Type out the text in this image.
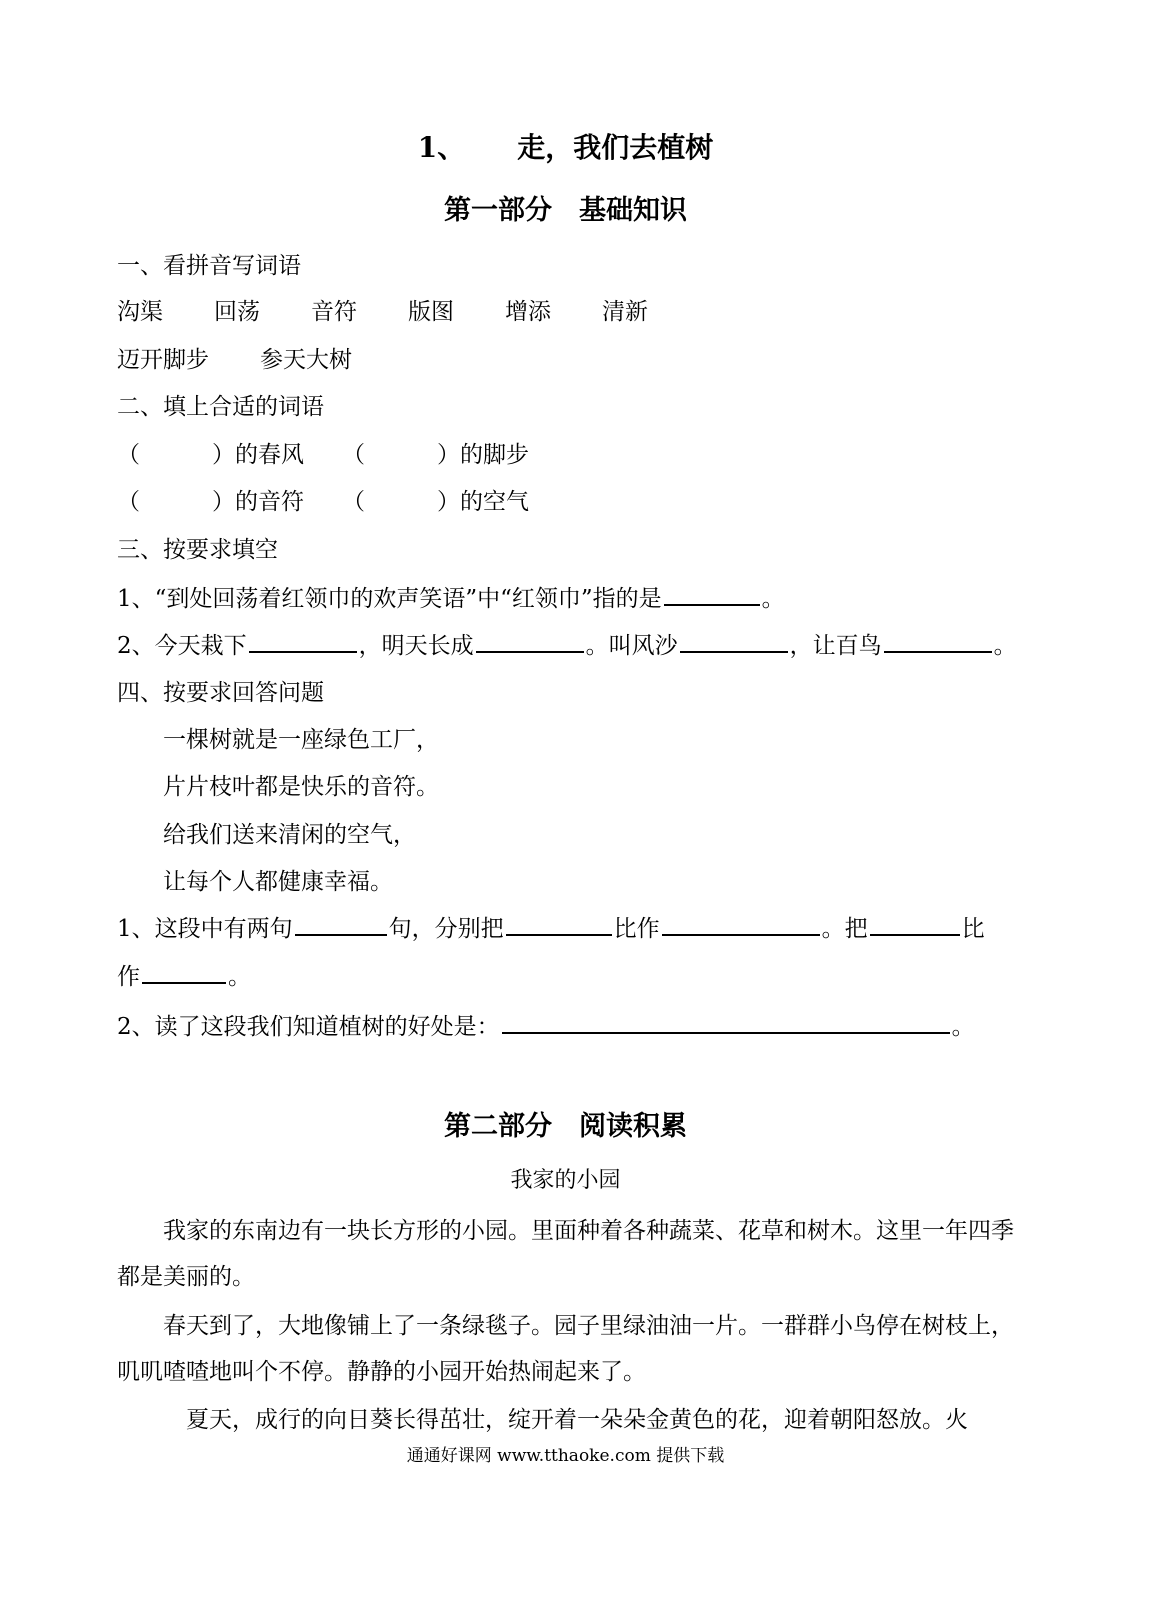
1、 走，我们去植树
第一部分　基础知识
一、看拼音写词语
沟渠 回荡 音符 版图 增添 清新
迈开脚步 参天大树
二、填上合适的词语
（	）的春风 （	）的脚步
（	）的音符 （	）的空气
三、按要求填空
1、“到处回荡着红领巾的欢声笑语”中“红领巾”指的是	。
2、今天栽下	，明天长成	。叫风沙	，让百鸟	。
四、按要求回答问题
一棵树就是一座绿色工厂，
片片枝叶都是快乐的音符。
给我们送来清闲的空气，
让每个人都健康幸福。
1、这段中有两句	句，分别把	比作	。把	比
作	。
2、读了这段我们知道植树的好处是：	。
第二部分　阅读积累
我家的小园
我家的东南边有一块长方形的小园。里面种着各种蔬菜、花草和树木。这里一年四季都是美丽的。
春天到了，大地像铺上了一条绿毯子。园子里绿油油一片。一群群小鸟停在树枝上，叽叽喳喳地叫个不停。静静的小园开始热闹起来了。
夏天，成行的向日葵长得茁壮，绽开着一朵朵金黄色的花，迎着朝阳怒放。火
通通好课网 www.tthaoke.com 提供下载
